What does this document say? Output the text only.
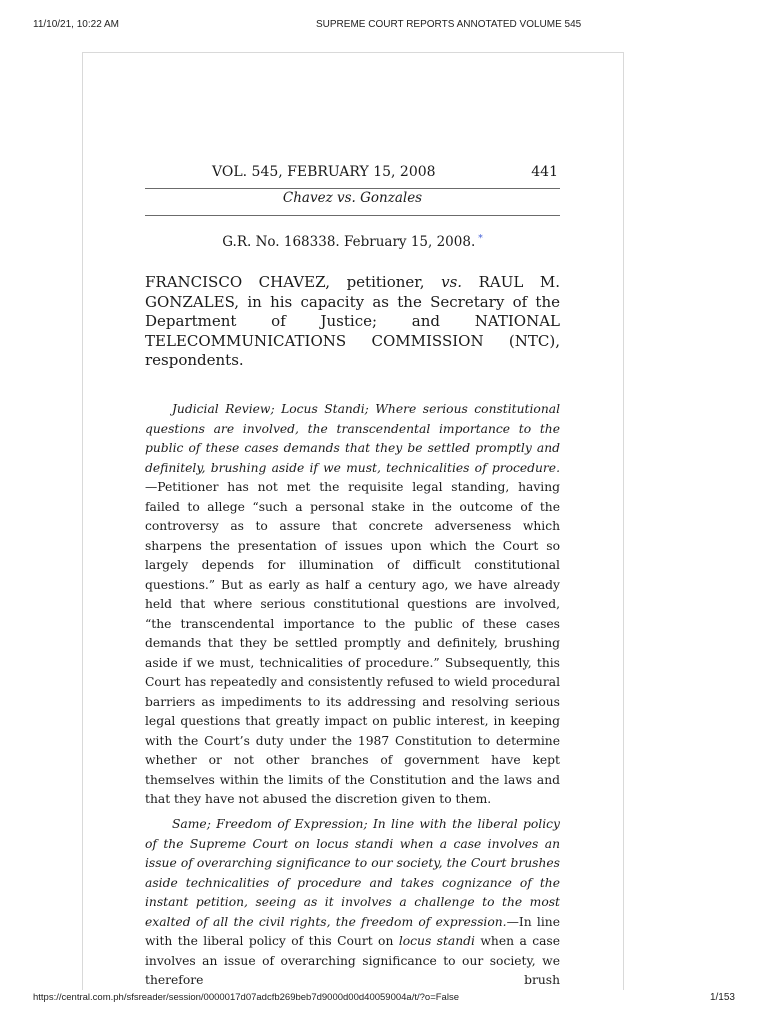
11/10/21, 10:22 AM	SUPREME COURT REPORTS ANNOTATED VOLUME 545
VOL. 545, FEBRUARY 15, 2008	441
Chavez vs. Gonzales
G.R. No. 168338. February 15, 2008. *
FRANCISCO CHAVEZ, petitioner, vs. RAUL M. GONZALES, in his capacity as the Secretary of the Department of Justice; and NATIONAL TELECOMMUNICATIONS COMMISSION (NTC), respondents.

Judicial Review; Locus Standi; Where serious constitutional questions are involved, the transcendental importance to the public of these cases demands that they be settled promptly and definitely, brushing aside if we must, technicalities of procedure.—Petitioner has not met the requisite legal standing, having failed to allege “such a personal stake in the outcome of the controversy as to assure that concrete adverseness which sharpens the presentation of issues upon which the Court so largely depends for illumination of difficult constitutional questions.” But as early as half a century ago, we have already held that where serious constitutional questions are involved, “the transcendental importance to the public of these cases demands that they be settled promptly and definitely, brushing aside if we must, technicalities of procedure.” Subsequently, this Court has repeatedly and consistently refused to wield procedural barriers as impediments to its addressing and resolving serious legal questions that greatly impact on public interest, in keeping with the Court’s duty under the 1987 Constitution to determine whether or not other branches of government have kept themselves within the limits of the Constitution and the laws and that they have not abused the discretion given to them.

Same; Freedom of Expression; In line with the liberal policy of the Supreme Court on locus standi when a case involves an issue of overarching significance to our society, the Court brushes aside technicalities of procedure and takes cognizance of the instant petition, seeing as it involves a challenge to the most exalted of all the civil rights, the freedom of expression.—In line with the liberal policy of this Court on locus standi when a case involves an issue of overarching significance to our society, we therefore brush

https://central.com.ph/sfsreader/session/0000017d07adcfb269beb7d9000d00d40059004a/t/?o=False	1/153
